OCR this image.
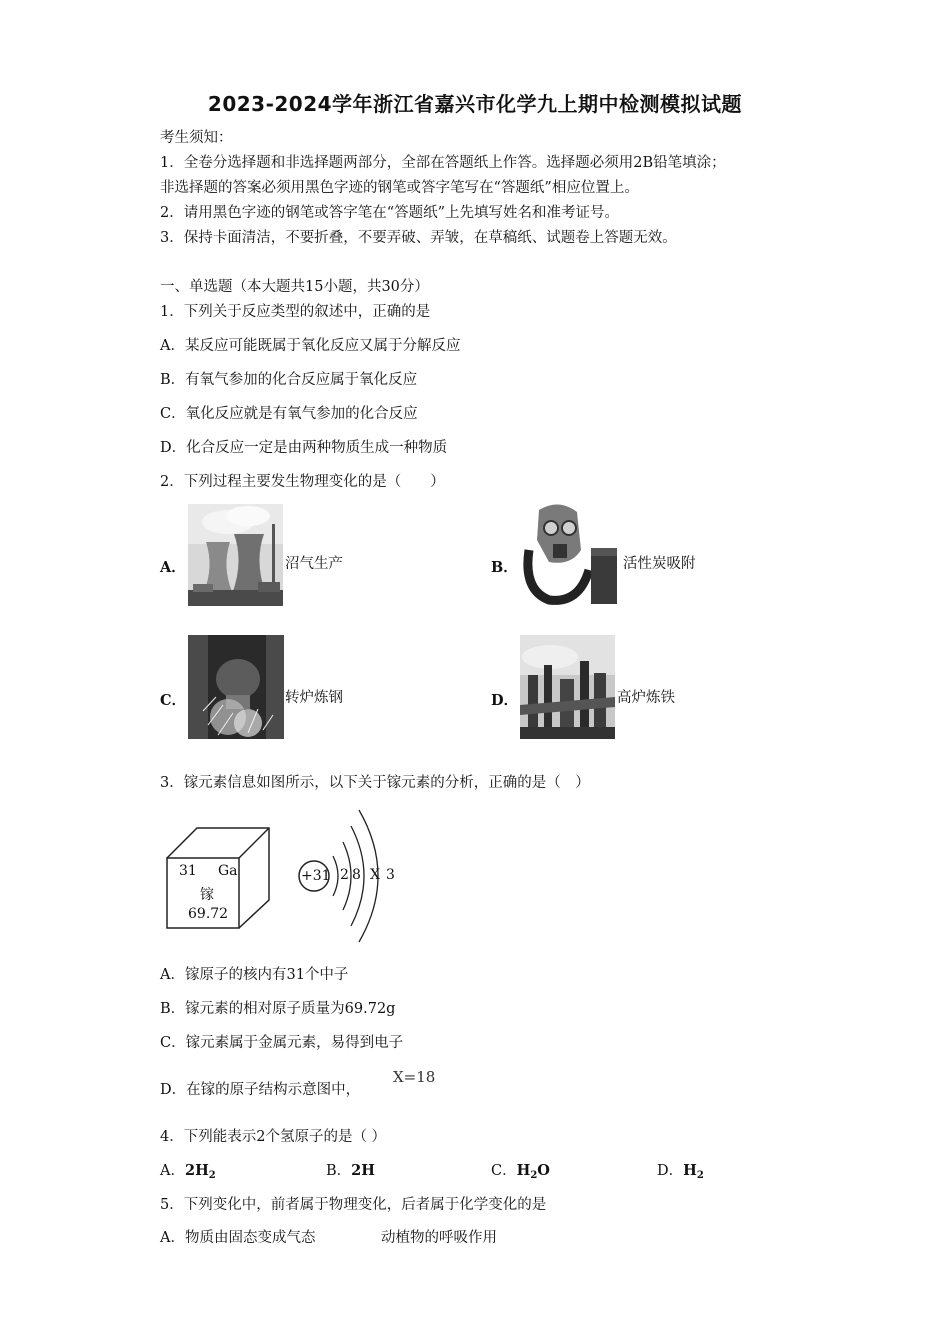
2023-2024学年浙江省嘉兴市化学九上期中检测模拟试题
考生须知：
1．全卷分选择题和非选择题两部分，全部在答题纸上作答。选择题必须用2B铅笔填涂；
非选择题的答案必须用黑色字迹的钢笔或答字笔写在“答题纸”相应位置上。
2．请用黑色字迹的钢笔或答字笔在“答题纸”上先填写姓名和准考证号。
3．保持卡面清洁，不要折叠，不要弄破、弄皱，在草稿纸、试题卷上答题无效。
一、单选题（本大题共15小题，共30分）
1．下列关于反应类型的叙述中，正确的是
A．某反应可能既属于氧化反应又属于分解反应
B．有氧气参加的化合反应属于氧化反应
C．氧化反应就是有氧气参加的化合反应
D．化合反应一定是由两种物质生成一种物质
2．下列过程主要发生物理变化的是（　　）
A．	沼气生产	B．	活性炭吸附
C．	转炉炼钢	D．	高炉炼铁
3．镓元素信息如图所示，以下关于镓元素的分析，正确的是（　）
31 Ga
镓
69.72
+31 2 8 X 3
A．镓原子的核内有31个中子
B．镓元素的相对原子质量为69.72g
C．镓元素属于金属元素，易得到电子
D．在镓的原子结构示意图中，
X=18
4．下列能表示2个氢原子的是（ ）
A．$2H_2$	B．2H	C．$H_2O$	D．$H_2$
5．下列变化中，前者属于物理变化，后者属于化学变化的是
A．物质由固态变成气态	动植物的呼吸作用
